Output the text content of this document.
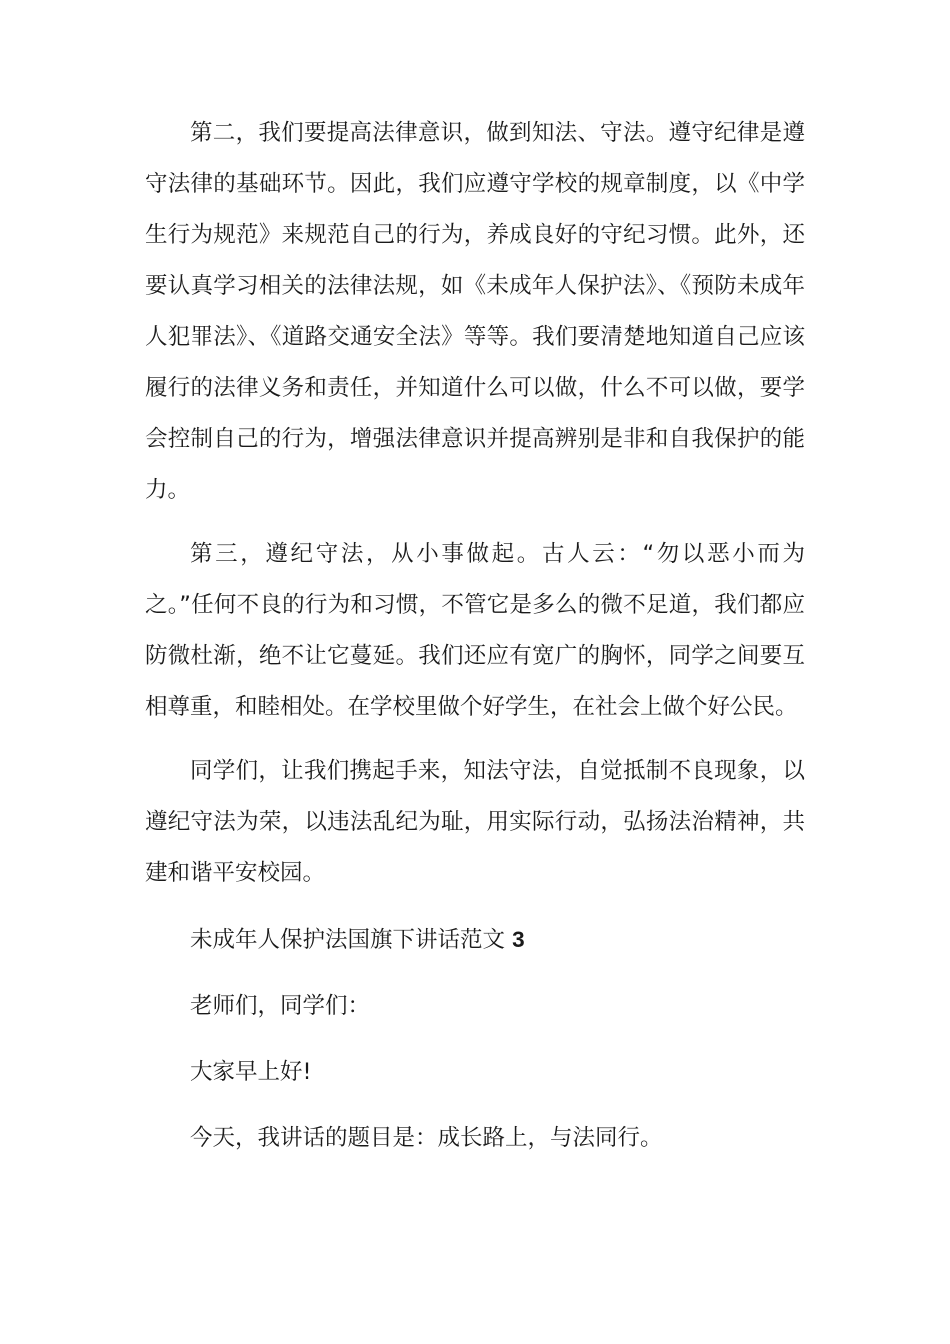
第二，我们要提高法律意识，做到知法、守法。遵守纪律是遵守法律的基础环节。因此，我们应遵守学校的规章制度，以《中学生行为规范》来规范自己的行为，养成良好的守纪习惯。此外，还要认真学习相关的法律法规，如《未成年人保护法》、《预防未成年人犯罪法》、《道路交通安全法》等等。我们要清楚地知道自己应该履行的法律义务和责任，并知道什么可以做，什么不可以做，要学会控制自己的行为，增强法律意识并提高辨别是非和自我保护的能力。

第三，遵纪守法，从小事做起。古人云：“勿以恶小而为之。”任何不良的行为和习惯，不管它是多么的微不足道，我们都应防微杜渐，绝不让它蔓延。我们还应有宽广的胸怀，同学之间要互相尊重，和睦相处。在学校里做个好学生，在社会上做个好公民。

同学们，让我们携起手来，知法守法，自觉抵制不良现象，以遵纪守法为荣，以违法乱纪为耻，用实际行动，弘扬法治精神，共建和谐平安校园。

未成年人保护法国旗下讲话范文 3

老师们，同学们：

大家早上好!

今天，我讲话的题目是：成长路上，与法同行。
